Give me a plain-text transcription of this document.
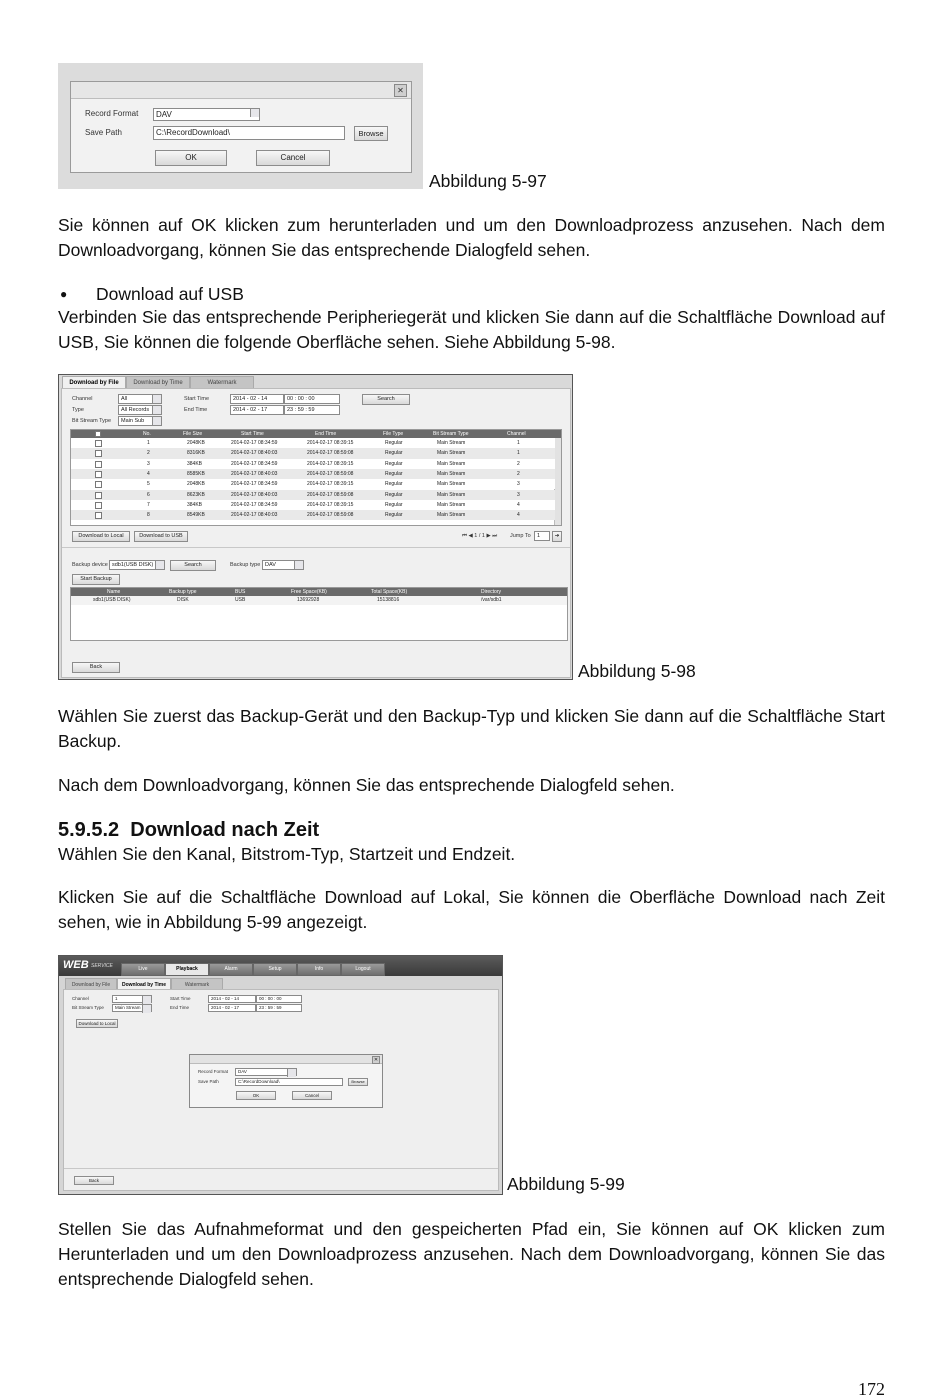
✕
Record Format	DAV
Save Path	C:\RecordDownload\	Browse
OK	Cancel
Abbildung 5-97

Sie können auf OK klicken zum herunterladen und um den Downloadprozess anzusehen. Nach dem Downloadvorgang, können Sie das entsprechende Dialogfeld sehen.

● Download auf USB

Verbinden Sie das entsprechende Peripheriegerät und klicken Sie dann auf die Schaltfläche Download auf USB, Sie können die folgende Oberfläche sehen. Siehe Abbildung 5-98.

Download by File	Download by Time	Watermark
Channel	All
Type	All Records
Bit Stream Type	Main Sub
Start Time	2014 - 02 - 14	00 : 00 : 00
End Time	2014 - 02 - 17	23 : 59 : 59
Search
No.	File Size	Start Time	End Time	File Type	Bit Stream Type	Channel
1	2048KB	2014-02-17 08:34:59	2014-02-17 08:39:15	Regular	Main Stream	1
2	8316KB	2014-02-17 08:40:03	2014-02-17 08:59:08	Regular	Main Stream	1
3	384KB	2014-02-17 08:34:59	2014-02-17 08:39:15	Regular	Main Stream	2
4	8585KB	2014-02-17 08:40:03	2014-02-17 08:59:08	Regular	Main Stream	2
5	2048KB	2014-02-17 08:34:59	2014-02-17 08:39:15	Regular	Main Stream	3
6	8623KB	2014-02-17 08:40:03	2014-02-17 08:59:08	Regular	Main Stream	3
7	384KB	2014-02-17 08:34:59	2014-02-17 08:39:15	Regular	Main Stream	4
8	8549KB	2014-02-17 08:40:03	2014-02-17 08:59:08	Regular	Main Stream	4
Download to Local	Download to USB	⏮ ◀ 1 / 1 ▶ ⏭ Jump To	1	➔
Backup device sdb1(USB DISK)	Search	Backup type DAV
Start Backup
Name	Backup type	BUS	Free Space(KB)	Total Space(KB)	Directory
sdb1(USB DISK)	DISK	USB	13692928	15138816	/var/sdb1
Back	Abbildung 5-98

Wählen Sie zuerst das Backup-Gerät und den Backup-Typ und klicken Sie dann auf die Schaltfläche Start Backup.

Nach dem Downloadvorgang, können Sie das entsprechende Dialogfeld sehen.

5.9.5.2 Download nach Zeit

Wählen Sie den Kanal, Bitstrom-Typ, Startzeit und Endzeit.

Klicken Sie auf die Schaltfläche Download auf Lokal, Sie können die Oberfläche Download nach Zeit sehen, wie in Abbildung 5-99 angezeigt.

WEB SERVICE	Live	Playback	Alarm	Setup	Info	Logout
Download by File	Download by Time	Watermark
Channel	1
Bit Stream Type	Main Stream
Start Time	2014 - 02 - 14	00 : 00 : 00
End Time	2014 - 02 - 17	23 : 59 : 59
Download to Local
✕
Record Format	DAV
Save Path	C:\RecordDownload\	Browse
OK	Cancel
Back	Abbildung 5-99

Stellen Sie das Aufnahmeformat und den gespeicherten Pfad ein, Sie können auf OK klicken zum Herunterladen und um den Downloadprozess anzusehen. Nach dem Downloadvorgang, können Sie das entsprechende Dialogfeld sehen.

172
